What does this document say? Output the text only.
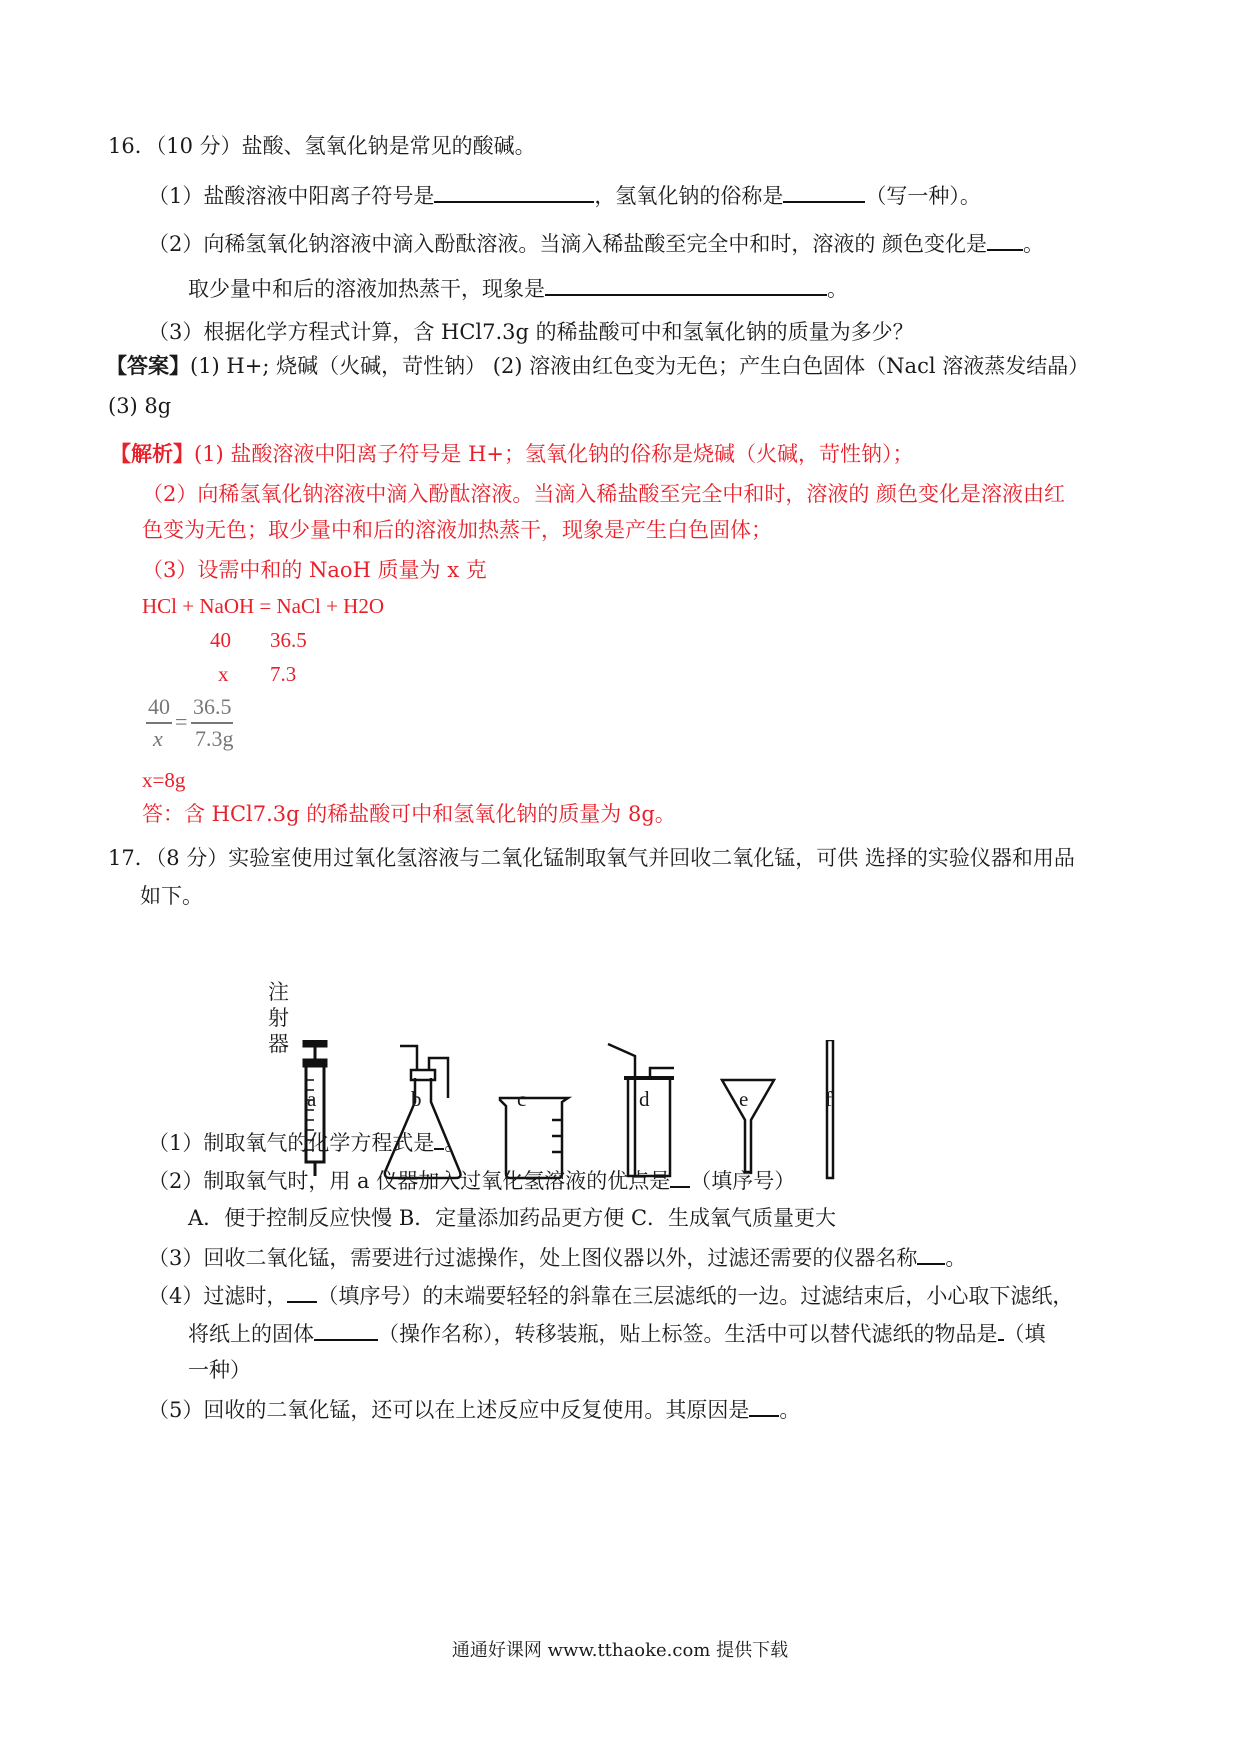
16．（10 分）盐酸、氢氧化钠是常见的酸碱。
（1）盐酸溶液中阳离子符号是	，氢氧化钠的俗称是	（写一种）。
（2）向稀氢氧化钠溶液中滴入酚酞溶液。当滴入稀盐酸至完全中和时，溶液的 颜色变化是 。
取少量中和后的溶液加热蒸干，现象是	。
（3）根据化学方程式计算，含 HCl7.3g 的稀盐酸可中和氢氧化钠的质量为多少？
【答案】(1) H+; 烧碱（火碱，苛性钠） (2) 溶液由红色变为无色；产生白色固体（Nacl 溶液蒸发结晶）
(3) 8g
【解析】(1) 盐酸溶液中阳离子符号是 H+；氢氧化钠的俗称是烧碱（火碱，苛性钠）；
（2）向稀氢氧化钠溶液中滴入酚酞溶液。当滴入稀盐酸至完全中和时，溶液的 颜色变化是溶液由红
色变为无色；取少量中和后的溶液加热蒸干，现象是产生白色固体；
（3）设需中和的 NaoH 质量为 x 克
HCl + NaOH = NaCl + H2O
40 36.5
x 7.3
40
x
=
36.5
7.3g
x=8g
答：含 HCl7.3g 的稀盐酸可中和氢氧化钠的质量为 8g。
17．（8 分）实验室使用过氧化氢溶液与二氧化锰制取氧气并回收二氧化锰，可供 选择的实验仪器和用品
如下。
注
射
器
a	b	c	d	e	f
（1）制取氧气的化学方程式是 。
（2）制取氧气时，用 a 仪器加入过氧化氢溶液的优点是 （填序号）
A．便于控制反应快慢 B．定量添加药品更方便 C．生成氧气质量更大
（3）回收二氧化锰，需要进行过滤操作，处上图仪器以外，过滤还需要的仪器名称 。
（4）过滤时， （填序号）的末端要轻轻的斜靠在三层滤纸的一边。过滤结束后，小心取下滤纸，
将纸上的固体	（操作名称），转移装瓶，贴上标签。生活中可以替代滤纸的物品是 （填
一种）
（5）回收的二氧化锰，还可以在上述反应中反复使用。其原因是 。
通通好课网 www.tthaoke.com 提供下载
